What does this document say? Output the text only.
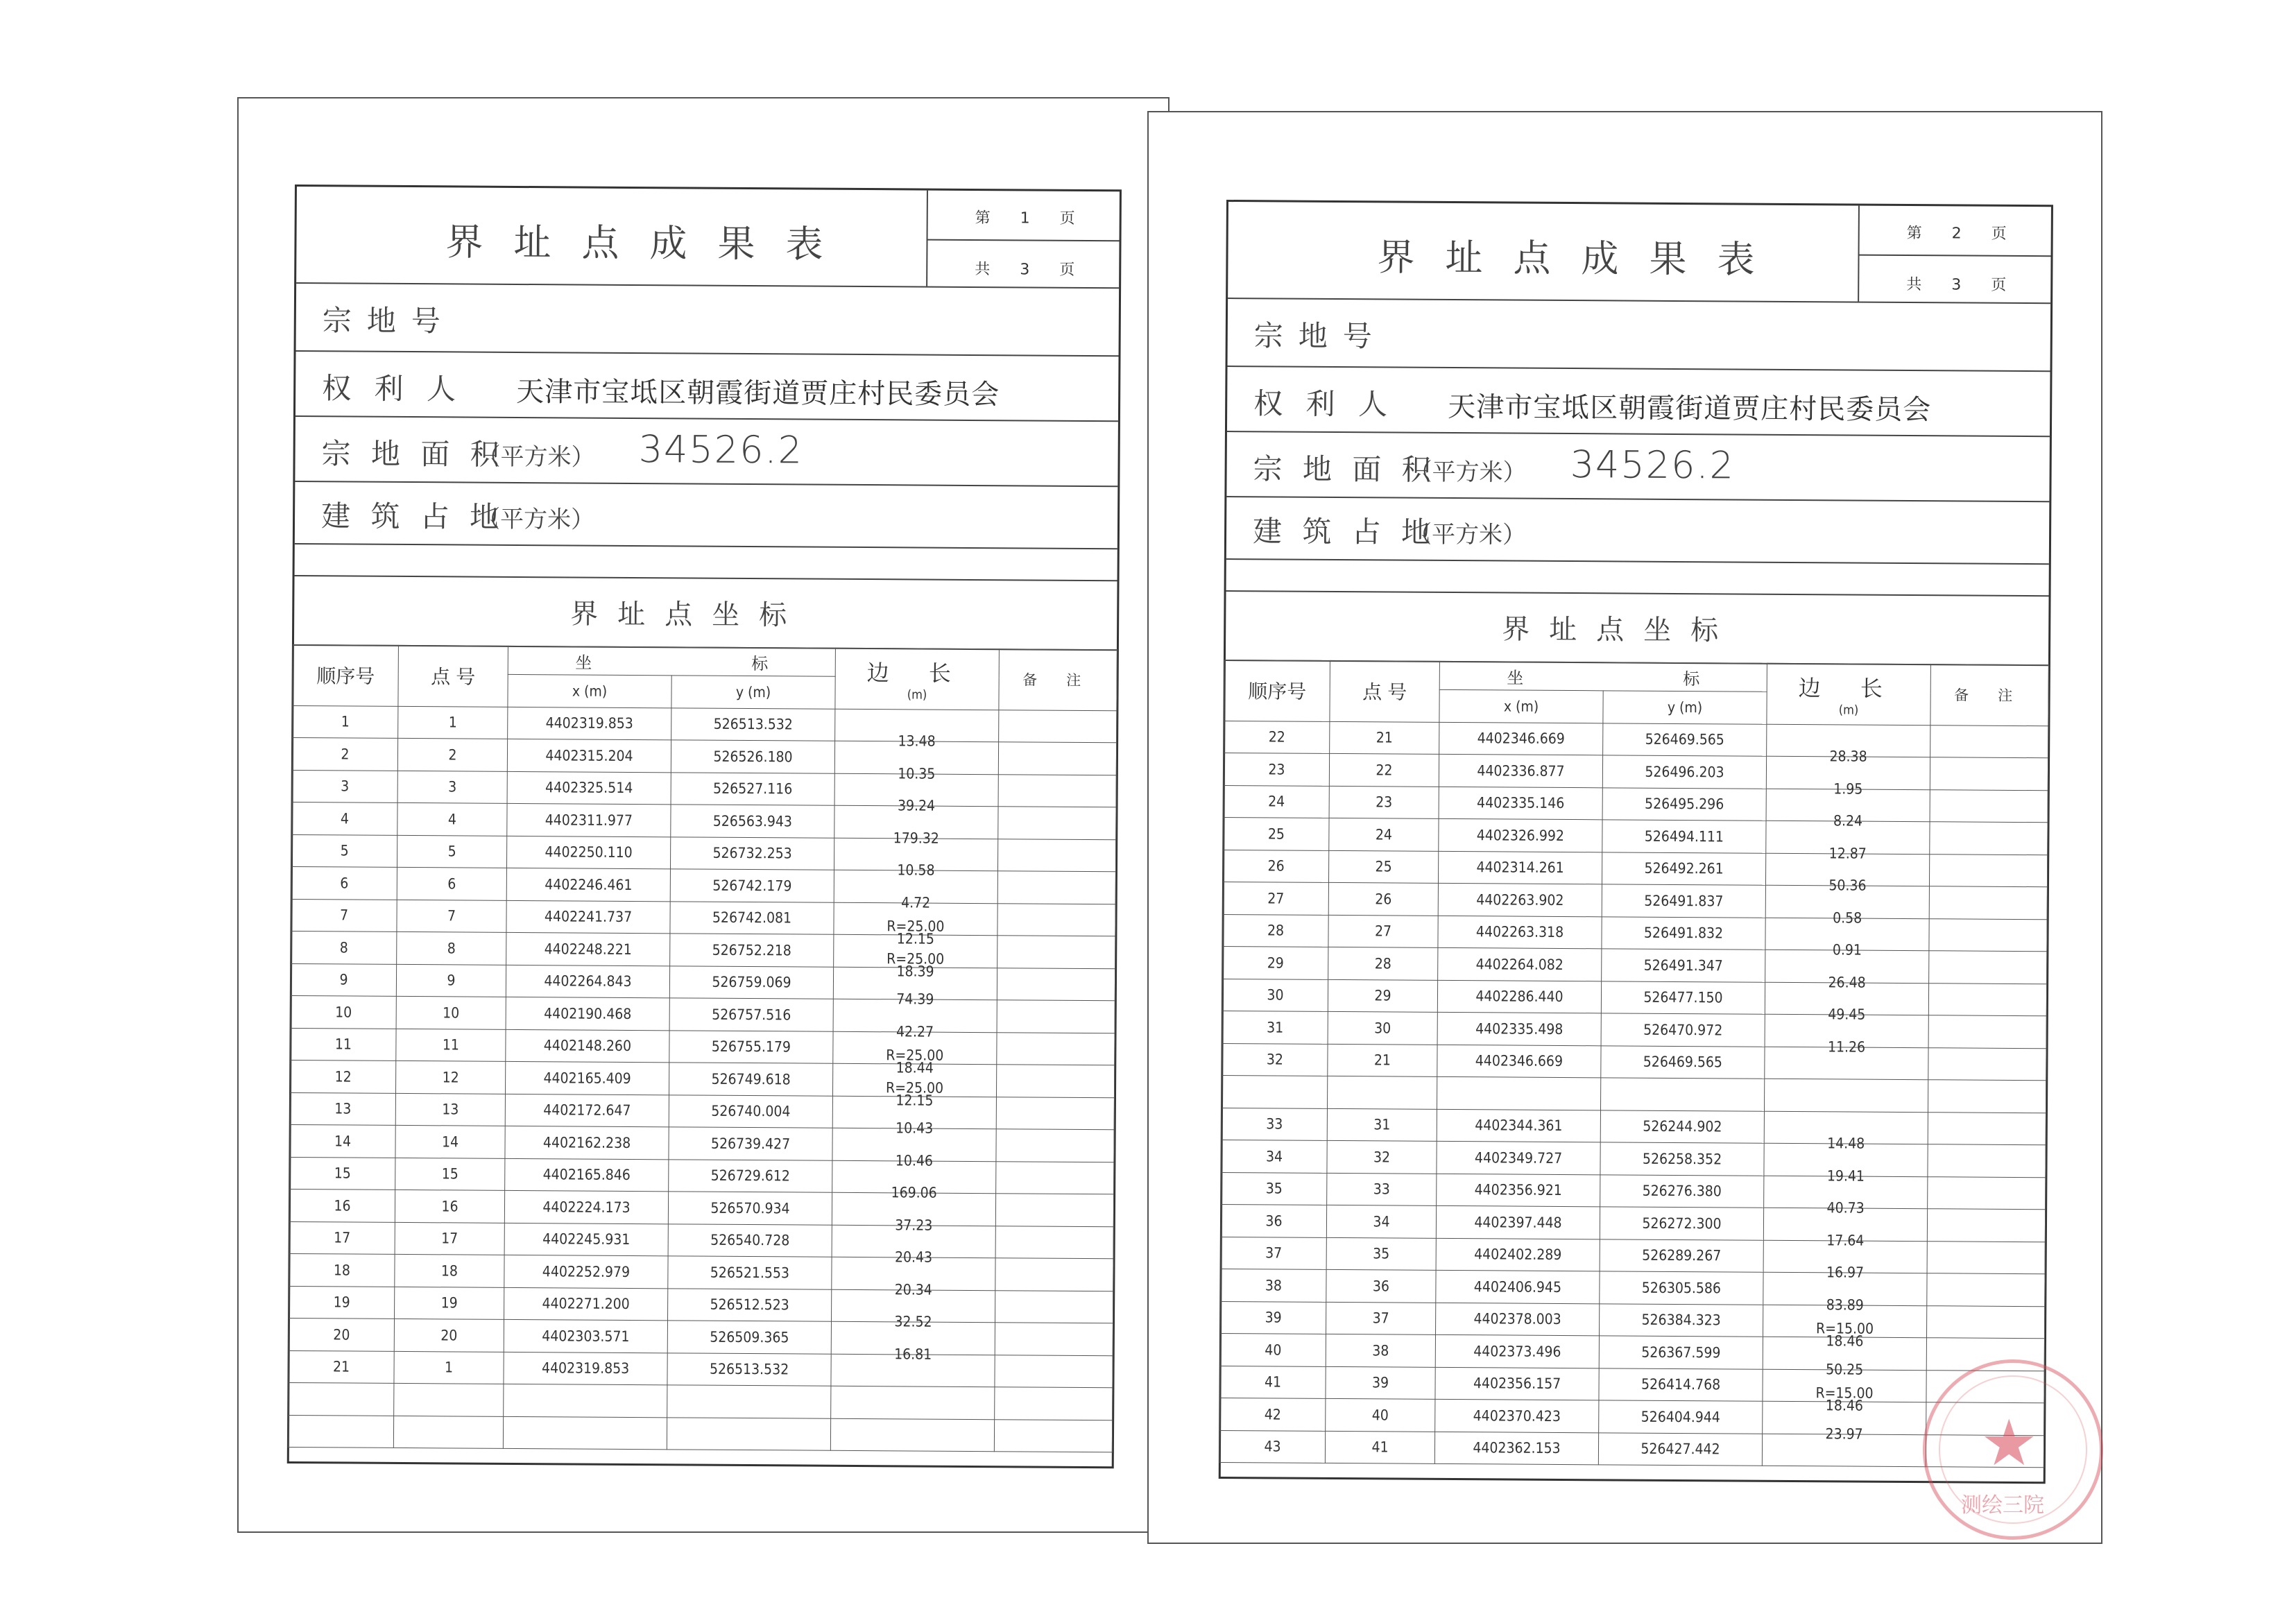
界址点成果表
第 1 页
共 3 页
宗地号
权 利 人 天津市宝坻区朝霞街道贾庄村民委员会
宗 地 面 积
（平方米） 34526.2
建 筑 占 地
（平方米）
界址点坐标
顺序号	点 号	坐 标		边 长
(m)	备 注
		x (m)	y (m)		
1	1	4402319.853	526513.532		
2	2	4402315.204	526526.180	13.48	

3	3	4402325.514	526527.116	10.35	

4	4	4402311.977	526563.943	39.24	

5	5	4402250.110	526732.253	179.32	

6	6	4402246.461	526742.179	10.58	

7	7	4402241.737	526742.081	4.72	

8	8	4402248.221	526752.218	R=25.00
12.15	

9	9	4402264.843	526759.069	R=25.00
18.39	

10	10	4402190.468	526757.516	74.39	

11	11	4402148.260	526755.179	42.27	

12	12	4402165.409	526749.618	R=25.00
18.44	

13	13	4402172.647	526740.004	R=25.00
12.15	

14	14	4402162.238	526739.427	10.43	

15	15	4402165.846	526729.612	10.46	

16	16	4402224.173	526570.934	169.06	

17	17	4402245.931	526540.728	37.23	

18	18	4402252.979	526521.553	20.43	

19	19	4402271.200	526512.523	20.34	

20	20	4402303.571	526509.365	32.52	

21	1	4402319.853	526513.532	16.81	

界址点成果表
第 2 页
共 3 页
宗地号
权 利 人 天津市宝坻区朝霞街道贾庄村民委员会
宗 地 面 积
（平方米） 34526.2
建 筑 占 地
（平方米）
界址点坐标
顺序号	点 号	坐 标		边 长
(m)	备 注
		x (m)	y (m)		
22	21	4402346.669	526469.565		
23	22	4402336.877	526496.203	28.38	

24	23	4402335.146	526495.296	1.95	

25	24	4402326.992	526494.111	8.24	

26	25	4402314.261	526492.261	12.87	

27	26	4402263.902	526491.837	50.36	

28	27	4402263.318	526491.832	0.58	

29	28	4402264.082	526491.347	0.91	

30	29	4402286.440	526477.150	26.48	

31	30	4402335.498	526470.972	49.45	

32	21	4402346.669	526469.565	11.26	

33	31	4402344.361	526244.902	

34	32	4402349.727	526258.352	14.48	

35	33	4402356.921	526276.380	19.41	

36	34	4402397.448	526272.300	40.73	

37	35	4402402.289	526289.267	17.64	

38	36	4402406.945	526305.586	16.97	

39	37	4402378.003	526384.323	83.89	

40	38	4402373.496	526367.599	R=15.00
18.46	

41	39	4402356.157	526414.768	50.25	

42	40	4402370.423	526404.944	R=15.00
18.46	

43	41	4402362.153	526427.442	23.97	
		★
测绘三院
